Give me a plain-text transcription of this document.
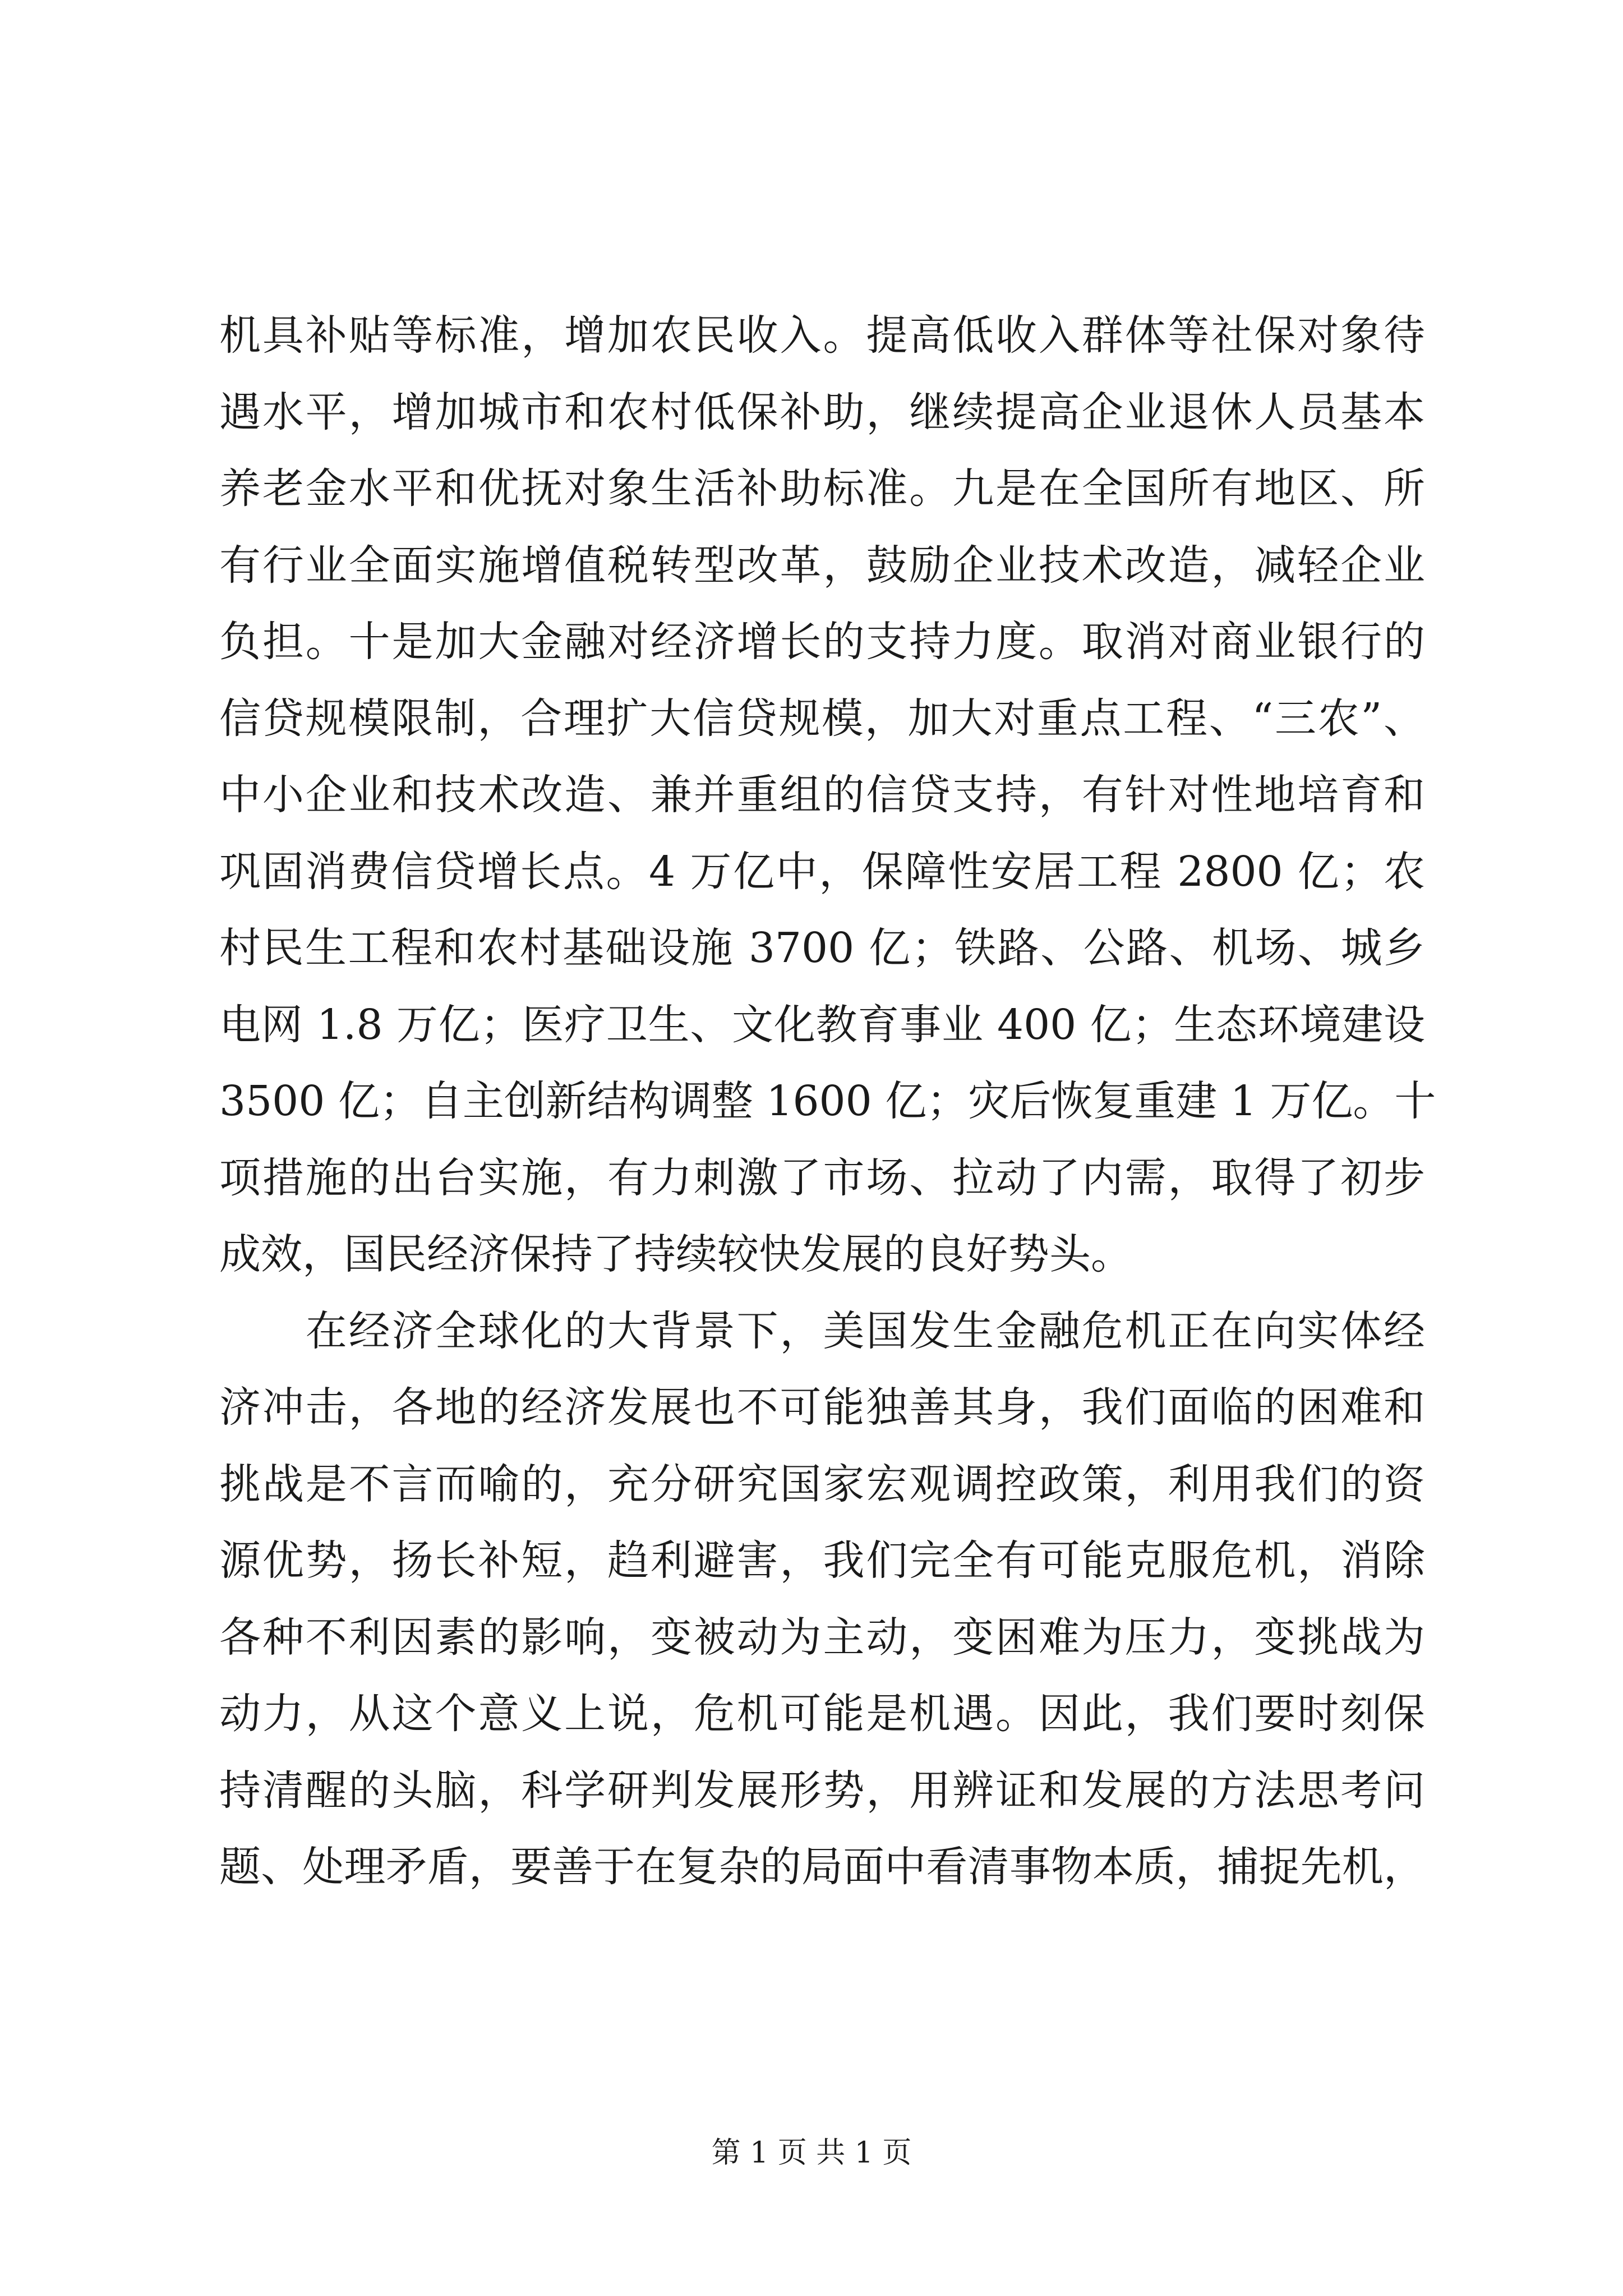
机具补贴等标准，增加农民收入。提高低收入群体等社保对象待
遇水平，增加城市和农村低保补助，继续提高企业退休人员基本
养老金水平和优抚对象生活补助标准。九是在全国所有地区、所
有行业全面实施增值税转型改革，鼓励企业技术改造，减轻企业
负担。十是加大金融对经济增长的支持力度。取消对商业银行的
信贷规模限制，合理扩大信贷规模，加大对重点工程、“三农”、
中小企业和技术改造、兼并重组的信贷支持，有针对性地培育和
巩固消费信贷增长点。4 万亿中，保障性安居工程 2800 亿；农
村民生工程和农村基础设施 3700 亿；铁路、公路、机场、城乡
电网 1.8 万亿；医疗卫生、文化教育事业 400 亿；生态环境建设
3500 亿；自主创新结构调整 1600 亿；灾后恢复重建 1 万亿。十
项措施的出台实施，有力刺激了市场、拉动了内需，取得了初步
成效，国民经济保持了持续较快发展的良好势头。
　　在经济全球化的大背景下，美国发生金融危机正在向实体经
济冲击，各地的经济发展也不可能独善其身，我们面临的困难和
挑战是不言而喻的，充分研究国家宏观调控政策，利用我们的资
源优势，扬长补短，趋利避害，我们完全有可能克服危机，消除
各种不利因素的影响，变被动为主动，变困难为压力，变挑战为
动力，从这个意义上说，危机可能是机遇。因此，我们要时刻保
持清醒的头脑，科学研判发展形势，用辨证和发展的方法思考问
题、处理矛盾，要善于在复杂的局面中看清事物本质，捕捉先机，
第 1 页 共 1 页
